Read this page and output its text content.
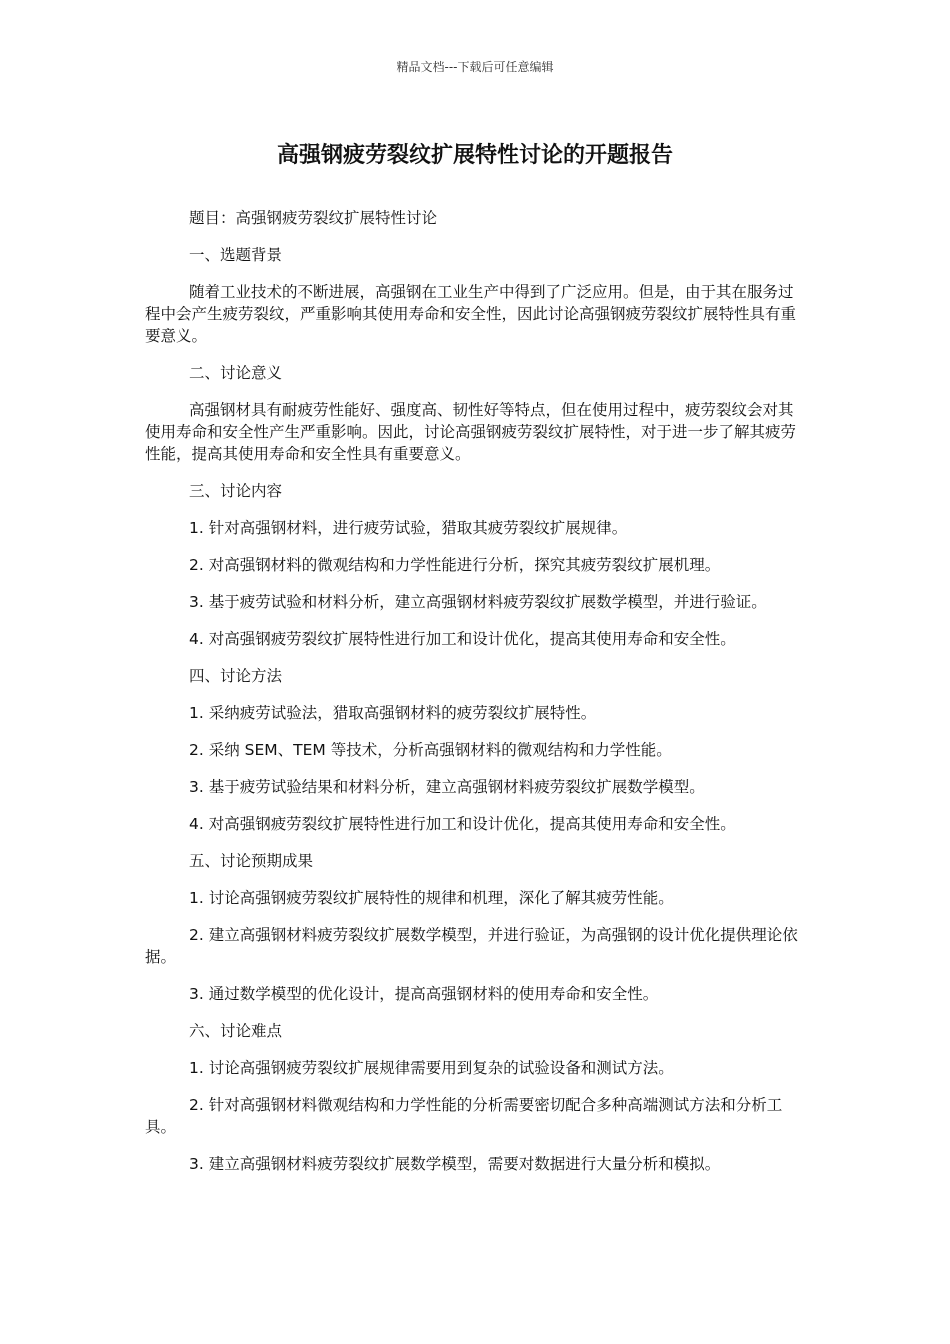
精品文档---下载后可任意编辑
高强钢疲劳裂纹扩展特性讨论的开题报告

题目：高强钢疲劳裂纹扩展特性讨论

一、选题背景

随着工业技术的不断进展，高强钢在工业生产中得到了广泛应用。但是，由于其在服务过程中会产生疲劳裂纹，严重影响其使用寿命和安全性，因此讨论高强钢疲劳裂纹扩展特性具有重要意义。

二、讨论意义

高强钢材具有耐疲劳性能好、强度高、韧性好等特点，但在使用过程中，疲劳裂纹会对其使用寿命和安全性产生严重影响。因此，讨论高强钢疲劳裂纹扩展特性，对于进一步了解其疲劳性能，提高其使用寿命和安全性具有重要意义。

三、讨论内容

1. 针对高强钢材料，进行疲劳试验，猎取其疲劳裂纹扩展规律。

2. 对高强钢材料的微观结构和力学性能进行分析，探究其疲劳裂纹扩展机理。

3. 基于疲劳试验和材料分析，建立高强钢材料疲劳裂纹扩展数学模型，并进行验证。

4. 对高强钢疲劳裂纹扩展特性进行加工和设计优化，提高其使用寿命和安全性。

四、讨论方法

1. 采纳疲劳试验法，猎取高强钢材料的疲劳裂纹扩展特性。

2. 采纳 SEM、TEM 等技术，分析高强钢材料的微观结构和力学性能。

3. 基于疲劳试验结果和材料分析，建立高强钢材料疲劳裂纹扩展数学模型。

4. 对高强钢疲劳裂纹扩展特性进行加工和设计优化，提高其使用寿命和安全性。

五、讨论预期成果

1. 讨论高强钢疲劳裂纹扩展特性的规律和机理，深化了解其疲劳性能。

2. 建立高强钢材料疲劳裂纹扩展数学模型，并进行验证，为高强钢的设计优化提供理论依据。

3. 通过数学模型的优化设计，提高高强钢材料的使用寿命和安全性。

六、讨论难点

1. 讨论高强钢疲劳裂纹扩展规律需要用到复杂的试验设备和测试方法。

2. 针对高强钢材料微观结构和力学性能的分析需要密切配合多种高端测试方法和分析工具。

3. 建立高强钢材料疲劳裂纹扩展数学模型，需要对数据进行大量分析和模拟。
